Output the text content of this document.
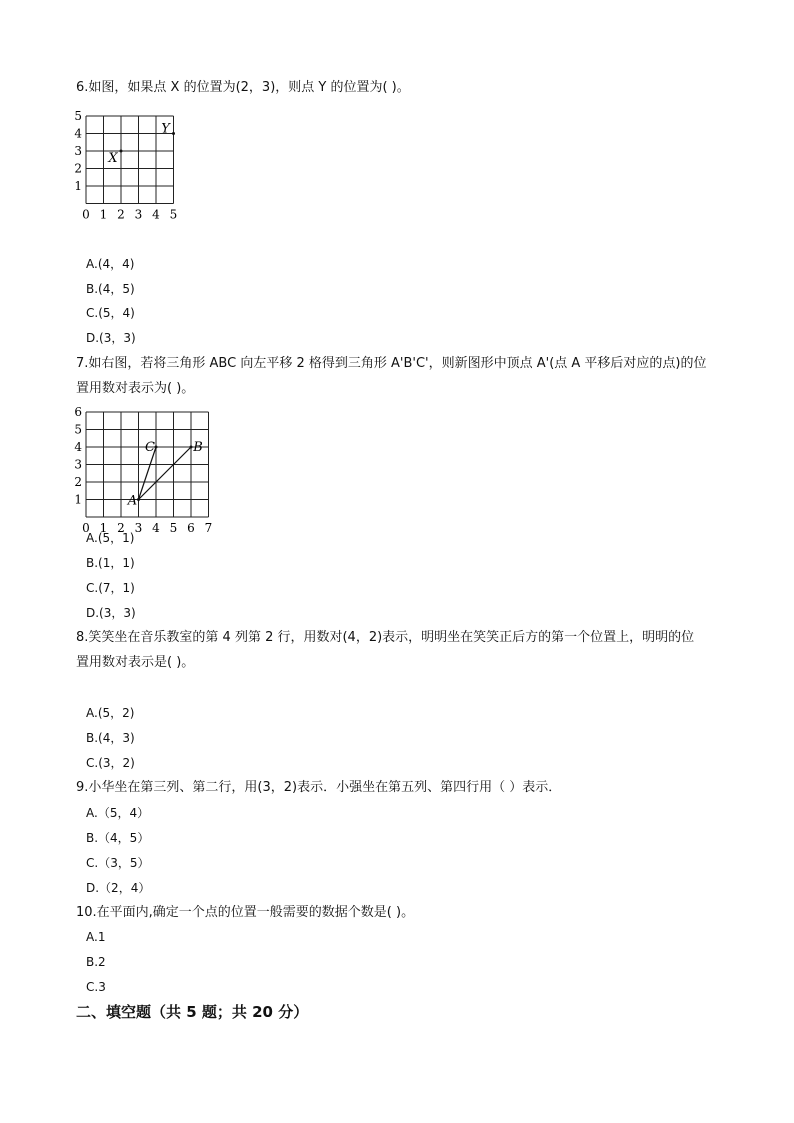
6.如图，如果点 X 的位置为(2，3)，则点 Y 的位置为( )。
0 1 2 3 4 5
1
2
3
4
5
X
Y
A.(4，4)
B.(4，5)
C.(5，4)
D.(3，3)
7.如右图，若将三角形 ABC 向左平移 2 格得到三角形 A'B'C'，则新图形中顶点 A'(点 A 平移后对应的点)的位
置用数对表示为( )。
0 1 2 3 4 5 6 7
1
2
3
4
5
6
A
B
C
A.(5，1)
B.(1，1)
C.(7，1)
D.(3，3)
8.笑笑坐在音乐教室的第 4 列第 2 行，用数对(4，2)表示，明明坐在笑笑正后方的第一个位置上，明明的位
置用数对表示是( )。
A.(5，2)
B.(4，3)
C.(3，2)
9.小华坐在第三列、第二行，用(3，2)表示．小强坐在第五列、第四行用（ ）表示．
A.（5，4）
B.（4，5）
C.（3，5）
D.（2，4）
10.在平面内,确定一个点的位置一般需要的数据个数是( )。
A.1
B.2
C.3
二、填空题（共 5 题；共 20 分）
